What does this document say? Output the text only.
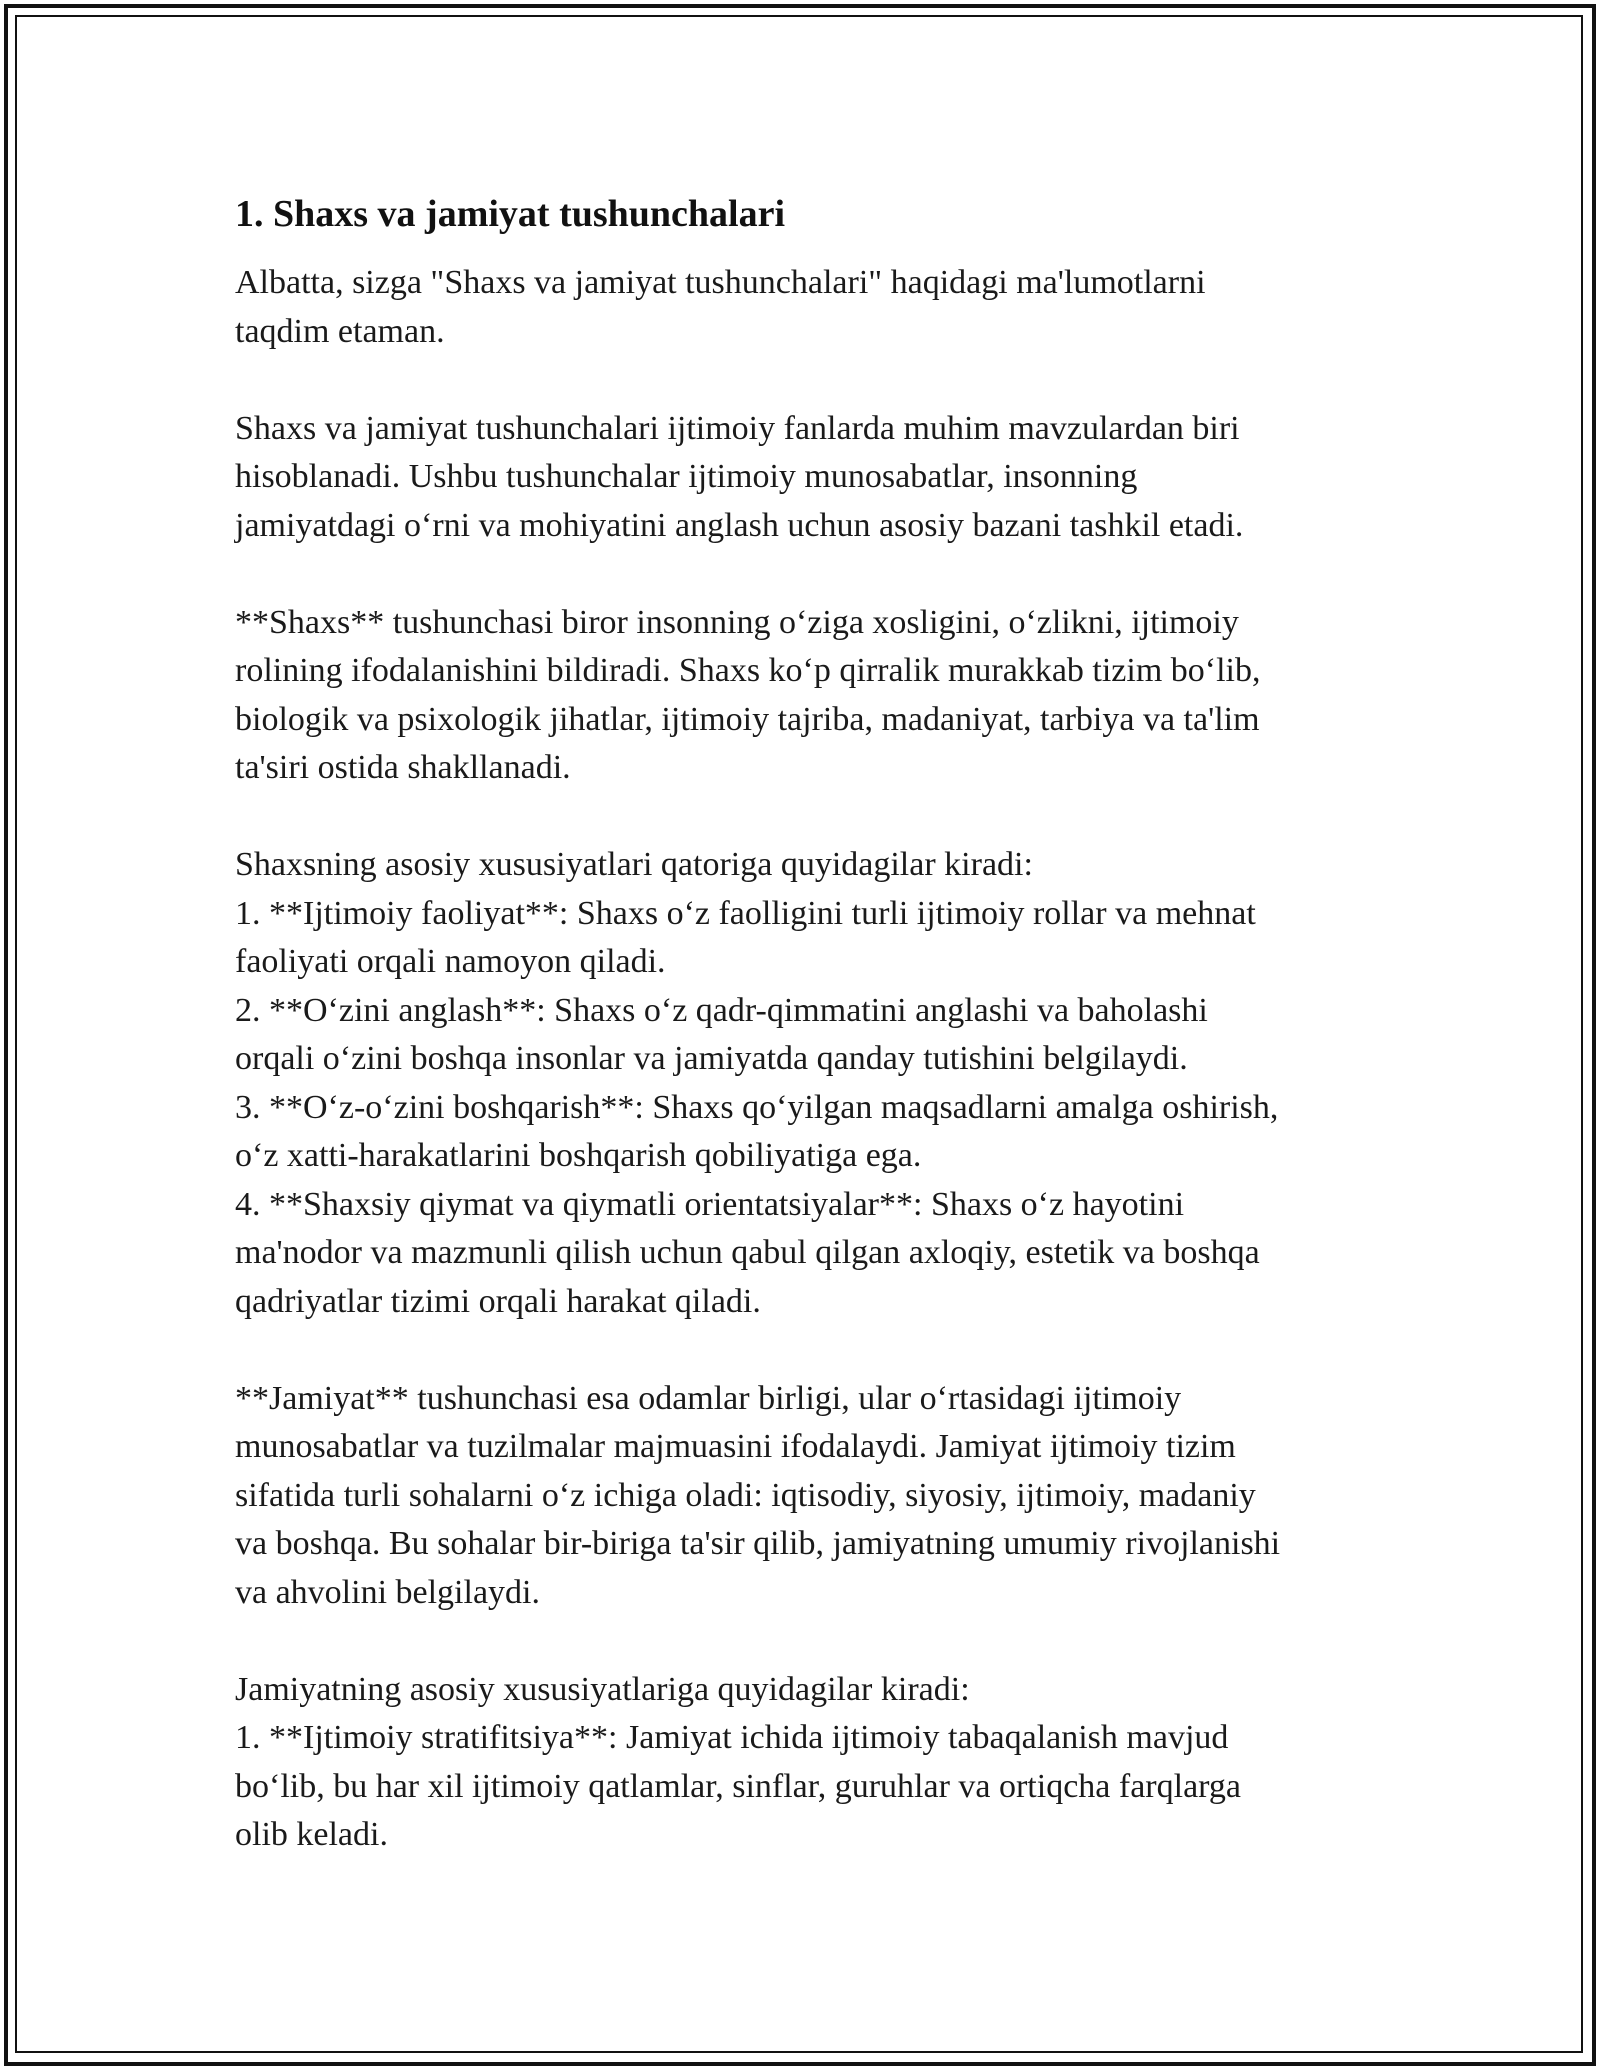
1. Shaxs va jamiyat tushunchalari
Albatta, sizga "Shaxs va jamiyat tushunchalari" haqidagi ma'lumotlarni
taqdim etaman.
Shaxs va jamiyat tushunchalari ijtimoiy fanlarda muhim mavzulardan biri
hisoblanadi. Ushbu tushunchalar ijtimoiy munosabatlar, insonning
jamiyatdagi o‘rni va mohiyatini anglash uchun asosiy bazani tashkil etadi.
**Shaxs** tushunchasi biror insonning o‘ziga xosligini, o‘zlikni, ijtimoiy
rolining ifodalanishini bildiradi. Shaxs ko‘p qirralik murakkab tizim bo‘lib,
biologik va psixologik jihatlar, ijtimoiy tajriba, madaniyat, tarbiya va ta'lim
ta'siri ostida shakllanadi.
Shaxsning asosiy xususiyatlari qatoriga quyidagilar kiradi:
1. **Ijtimoiy faoliyat**: Shaxs o‘z faolligini turli ijtimoiy rollar va mehnat
faoliyati orqali namoyon qiladi.
2. **O‘zini anglash**: Shaxs o‘z qadr-qimmatini anglashi va baholashi
orqali o‘zini boshqa insonlar va jamiyatda qanday tutishini belgilaydi.
3. **O‘z-o‘zini boshqarish**: Shaxs qo‘yilgan maqsadlarni amalga oshirish,
o‘z xatti-harakatlarini boshqarish qobiliyatiga ega.
4. **Shaxsiy qiymat va qiymatli orientatsiyalar**: Shaxs o‘z hayotini
ma'nodor va mazmunli qilish uchun qabul qilgan axloqiy, estetik va boshqa
qadriyatlar tizimi orqali harakat qiladi.
**Jamiyat** tushunchasi esa odamlar birligi, ular o‘rtasidagi ijtimoiy
munosabatlar va tuzilmalar majmuasini ifodalaydi. Jamiyat ijtimoiy tizim
sifatida turli sohalarni o‘z ichiga oladi: iqtisodiy, siyosiy, ijtimoiy, madaniy
va boshqa. Bu sohalar bir-biriga ta'sir qilib, jamiyatning umumiy rivojlanishi
va ahvolini belgilaydi.
Jamiyatning asosiy xususiyatlariga quyidagilar kiradi:
1. **Ijtimoiy stratifitsiya**: Jamiyat ichida ijtimoiy tabaqalanish mavjud
bo‘lib, bu har xil ijtimoiy qatlamlar, sinflar, guruhlar va ortiqcha farqlarga
olib keladi.
